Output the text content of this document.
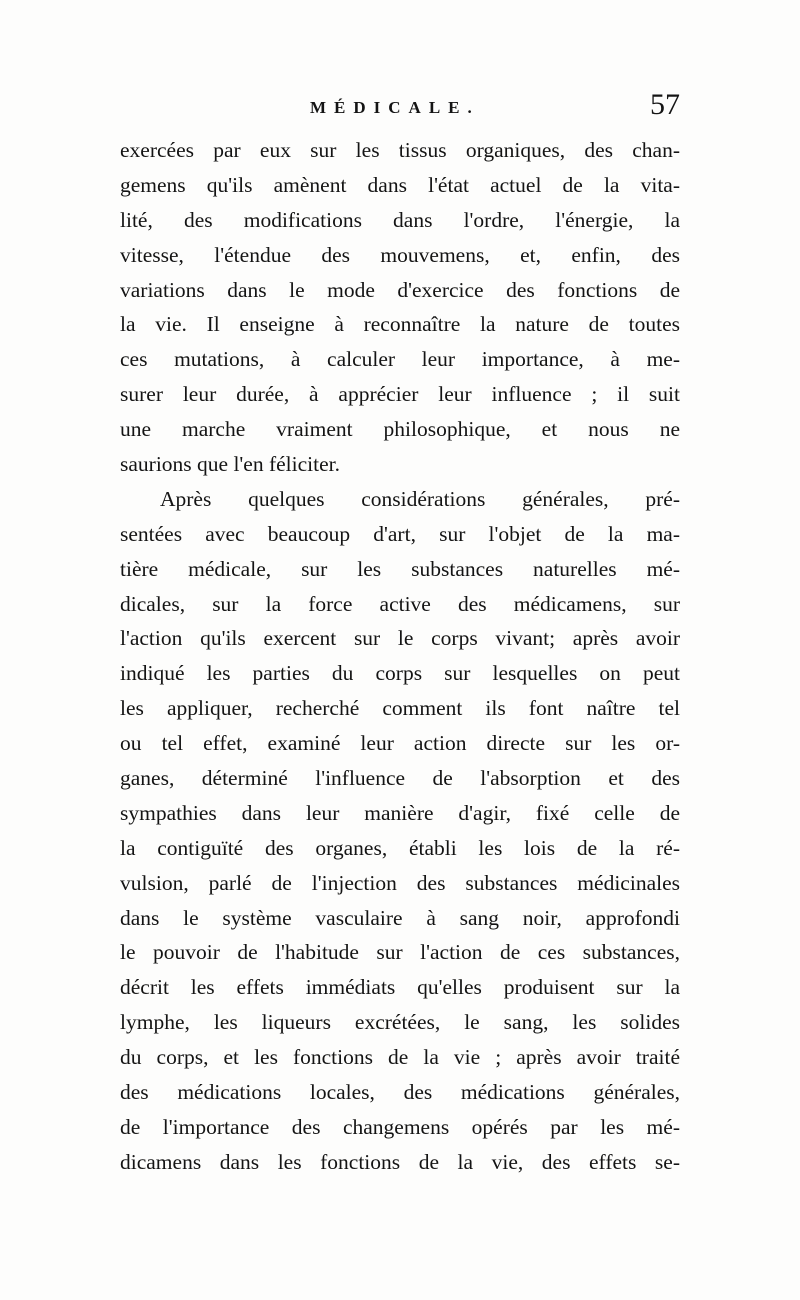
MÉDICALE.	57
exercées par eux sur les tissus organiques, des chan-
gemens qu'ils amènent dans l'état actuel de la vita-
lité, des modifications dans l'ordre, l'énergie, la
vitesse, l'étendue des mouvemens, et, enfin, des
variations dans le mode d'exercice des fonctions de
la vie. Il enseigne à reconnaître la nature de toutes
ces mutations, à calculer leur importance, à me-
surer leur durée, à apprécier leur influence ; il suit
une marche vraiment philosophique, et nous ne
saurions que l'en féliciter.
Après quelques considérations générales, pré-
sentées avec beaucoup d'art, sur l'objet de la ma-
tière médicale, sur les substances naturelles mé-
dicales, sur la force active des médicamens, sur
l'action qu'ils exercent sur le corps vivant; après avoir
indiqué les parties du corps sur lesquelles on peut
les appliquer, recherché comment ils font naître tel
ou tel effet, examiné leur action directe sur les or-
ganes, déterminé l'influence de l'absorption et des
sympathies dans leur manière d'agir, fixé celle de
la contiguïté des organes, établi les lois de la ré-
vulsion, parlé de l'injection des substances médicinales
dans le système vasculaire à sang noir, approfondi
le pouvoir de l'habitude sur l'action de ces substances,
décrit les effets immédiats qu'elles produisent sur la
lymphe, les liqueurs excrétées, le sang, les solides
du corps, et les fonctions de la vie ; après avoir traité
des médications locales, des médications générales,
de l'importance des changemens opérés par les mé-
dicamens dans les fonctions de la vie, des effets se-
